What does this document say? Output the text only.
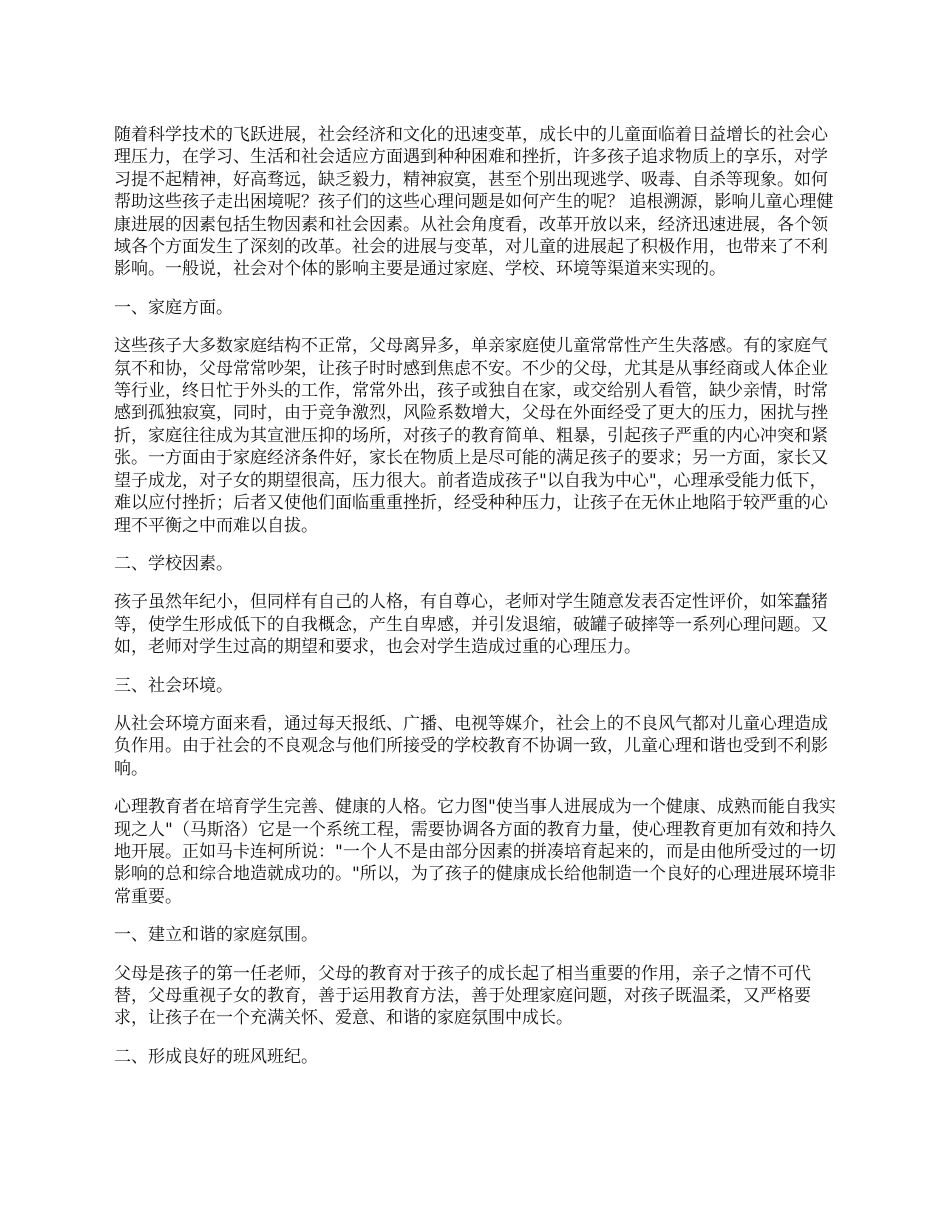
随着科学技术的飞跃进展，社会经济和文化的迅速变革，成长中的儿童面临着日益增长的社会心理压力，在学习、生活和社会适应方面遇到种种困难和挫折，许多孩子追求物质上的享乐，对学习提不起精神，好高骛远，缺乏毅力，精神寂寞，甚至个别出现逃学、吸毒、自杀等现象。如何帮助这些孩子走出困境呢？孩子们的这些心理问题是如何产生的呢？ 追根溯源，影响儿童心理健康进展的因素包括生物因素和社会因素。从社会角度看，改革开放以来，经济迅速进展，各个领域各个方面发生了深刻的改革。社会的进展与变革，对儿童的进展起了积极作用，也带来了不利影响。一般说，社会对个体的影响主要是通过家庭、学校、环境等渠道来实现的。

一、家庭方面。

这些孩子大多数家庭结构不正常，父母离异多，单亲家庭使儿童常常性产生失落感。有的家庭气氛不和协，父母常常吵架，让孩子时时感到焦虑不安。不少的父母，尤其是从事经商或人体企业等行业，终日忙于外头的工作，常常外出，孩子或独自在家，或交给别人看管，缺少亲情，时常感到孤独寂寞，同时，由于竞争激烈，风险系数增大，父母在外面经受了更大的压力，困扰与挫折，家庭往往成为其宣泄压抑的场所，对孩子的教育简单、粗暴，引起孩子严重的内心冲突和紧张。一方面由于家庭经济条件好，家长在物质上是尽可能的满足孩子的要求；另一方面，家长又望子成龙，对子女的期望很高，压力很大。前者造成孩子"以自我为中心"，心理承受能力低下，难以应付挫折；后者又使他们面临重重挫折，经受种种压力，让孩子在无休止地陷于较严重的心理不平衡之中而难以自拔。

二、学校因素。

孩子虽然年纪小，但同样有自己的人格，有自尊心，老师对学生随意发表否定性评价，如笨蠢猪等，使学生形成低下的自我概念，产生自卑感，并引发退缩，破罐子破摔等一系列心理问题。又如，老师对学生过高的期望和要求，也会对学生造成过重的心理压力。

三、社会环境。

从社会环境方面来看，通过每天报纸、广播、电视等媒介，社会上的不良风气都对儿童心理造成负作用。由于社会的不良观念与他们所接受的学校教育不协调一致，儿童心理和谐也受到不利影响。

心理教育者在培育学生完善、健康的人格。它力图"使当事人进展成为一个健康、成熟而能自我实现之人"（马斯洛）它是一个系统工程，需要协调各方面的教育力量，使心理教育更加有效和持久地开展。正如马卡连柯所说："一个人不是由部分因素的拼凑培育起来的，而是由他所受过的一切影响的总和综合地造就成功的。"所以，为了孩子的健康成长给他制造一个良好的心理进展环境非常重要。

一、建立和谐的家庭氛围。

父母是孩子的第一任老师，父母的教育对于孩子的成长起了相当重要的作用，亲子之情不可代替，父母重视子女的教育，善于运用教育方法，善于处理家庭问题，对孩子既温柔，又严格要求，让孩子在一个充满关怀、爱意、和谐的家庭氛围中成长。

二、形成良好的班风班纪。
